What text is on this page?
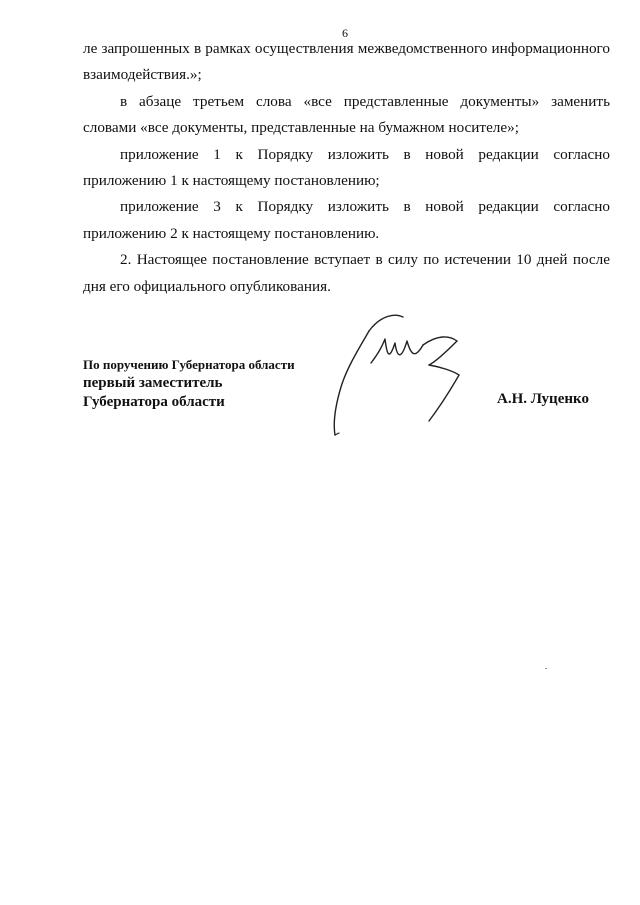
6

ле запрошенных в рамках осуществления межведомственного информационного взаимодействия.»;

в абзаце третьем слова «все представленные документы» заменить словами «все документы, представленные на бумажном носителе»;

приложение 1 к Порядку изложить в новой редакции согласно приложению 1 к настоящему постановлению;

приложение 3 к Порядку изложить в новой редакции согласно приложению 2 к настоящему постановлению.

2. Настоящее постановление вступает в силу по истечении 10 дней после дня его официального опубликования.

По поручению Губернатора области
первый заместитель
Губернатора области	А.Н. Луценко
